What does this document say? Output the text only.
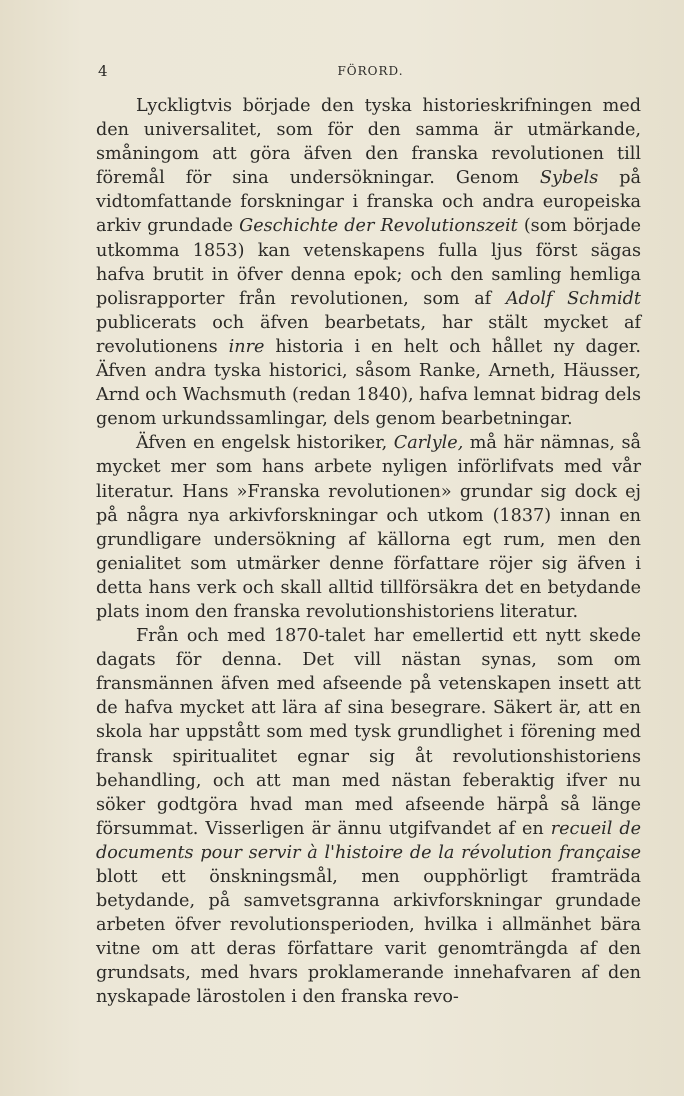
4	FÖRORD.

Lyckligtvis började den tyska historieskrifningen med den universalitet, som för den samma är utmärkande, småningom att göra äfven den franska revolutionen till föremål för sina undersökningar. Genom Sybels på vidtomfattande forskningar i franska och andra europeiska arkiv grundade Geschichte der Revolutionszeit (som började utkomma 1853) kan vetenskapens fulla ljus först sägas hafva brutit in öfver denna epok; och den samling hemliga polisrapporter från revolutionen, som af Adolf Schmidt publicerats och äfven bearbetats, har stält mycket af revolutionens inre historia i en helt och hållet ny dager. Äfven andra tyska historici, såsom Ranke, Arneth, Häusser, Arnd och Wachsmuth (redan 1840), hafva lemnat bidrag dels genom urkundssamlingar, dels genom bearbetningar.

Äfven en engelsk historiker, Carlyle, må här nämnas, så mycket mer som hans arbete nyligen införlifvats med vår literatur. Hans »Franska revolutionen» grundar sig dock ej på några nya arkivforskningar och utkom (1837) innan en grundligare undersökning af källorna egt rum, men den genialitet som utmärker denne författare röjer sig äfven i detta hans verk och skall alltid tillförsäkra det en betydande plats inom den franska revolutionshistoriens literatur.

Från och med 1870-talet har emellertid ett nytt skede dagats för denna. Det vill nästan synas, som om fransmännen äfven med afseende på vetenskapen insett att de hafva mycket att lära af sina besegrare. Säkert är, att en skola har uppstått som med tysk grundlighet i förening med fransk spiritualitet egnar sig åt revolutionshistoriens behandling, och att man med nästan feberaktig ifver nu söker godtgöra hvad man med afseende härpå så länge försummat. Visserligen är ännu utgifvandet af en recueil de documents pour servir à l'histoire de la révolution française blott ett önskningsmål, men oupphörligt framträda betydande, på samvetsgranna arkivforskningar grundade arbeten öfver revolutionsperioden, hvilka i allmänhet bära vitne om att deras författare varit genomträngda af den grundsats, med hvars proklamerande innehafvaren af den nyskapade lärostolen i den franska revo-
